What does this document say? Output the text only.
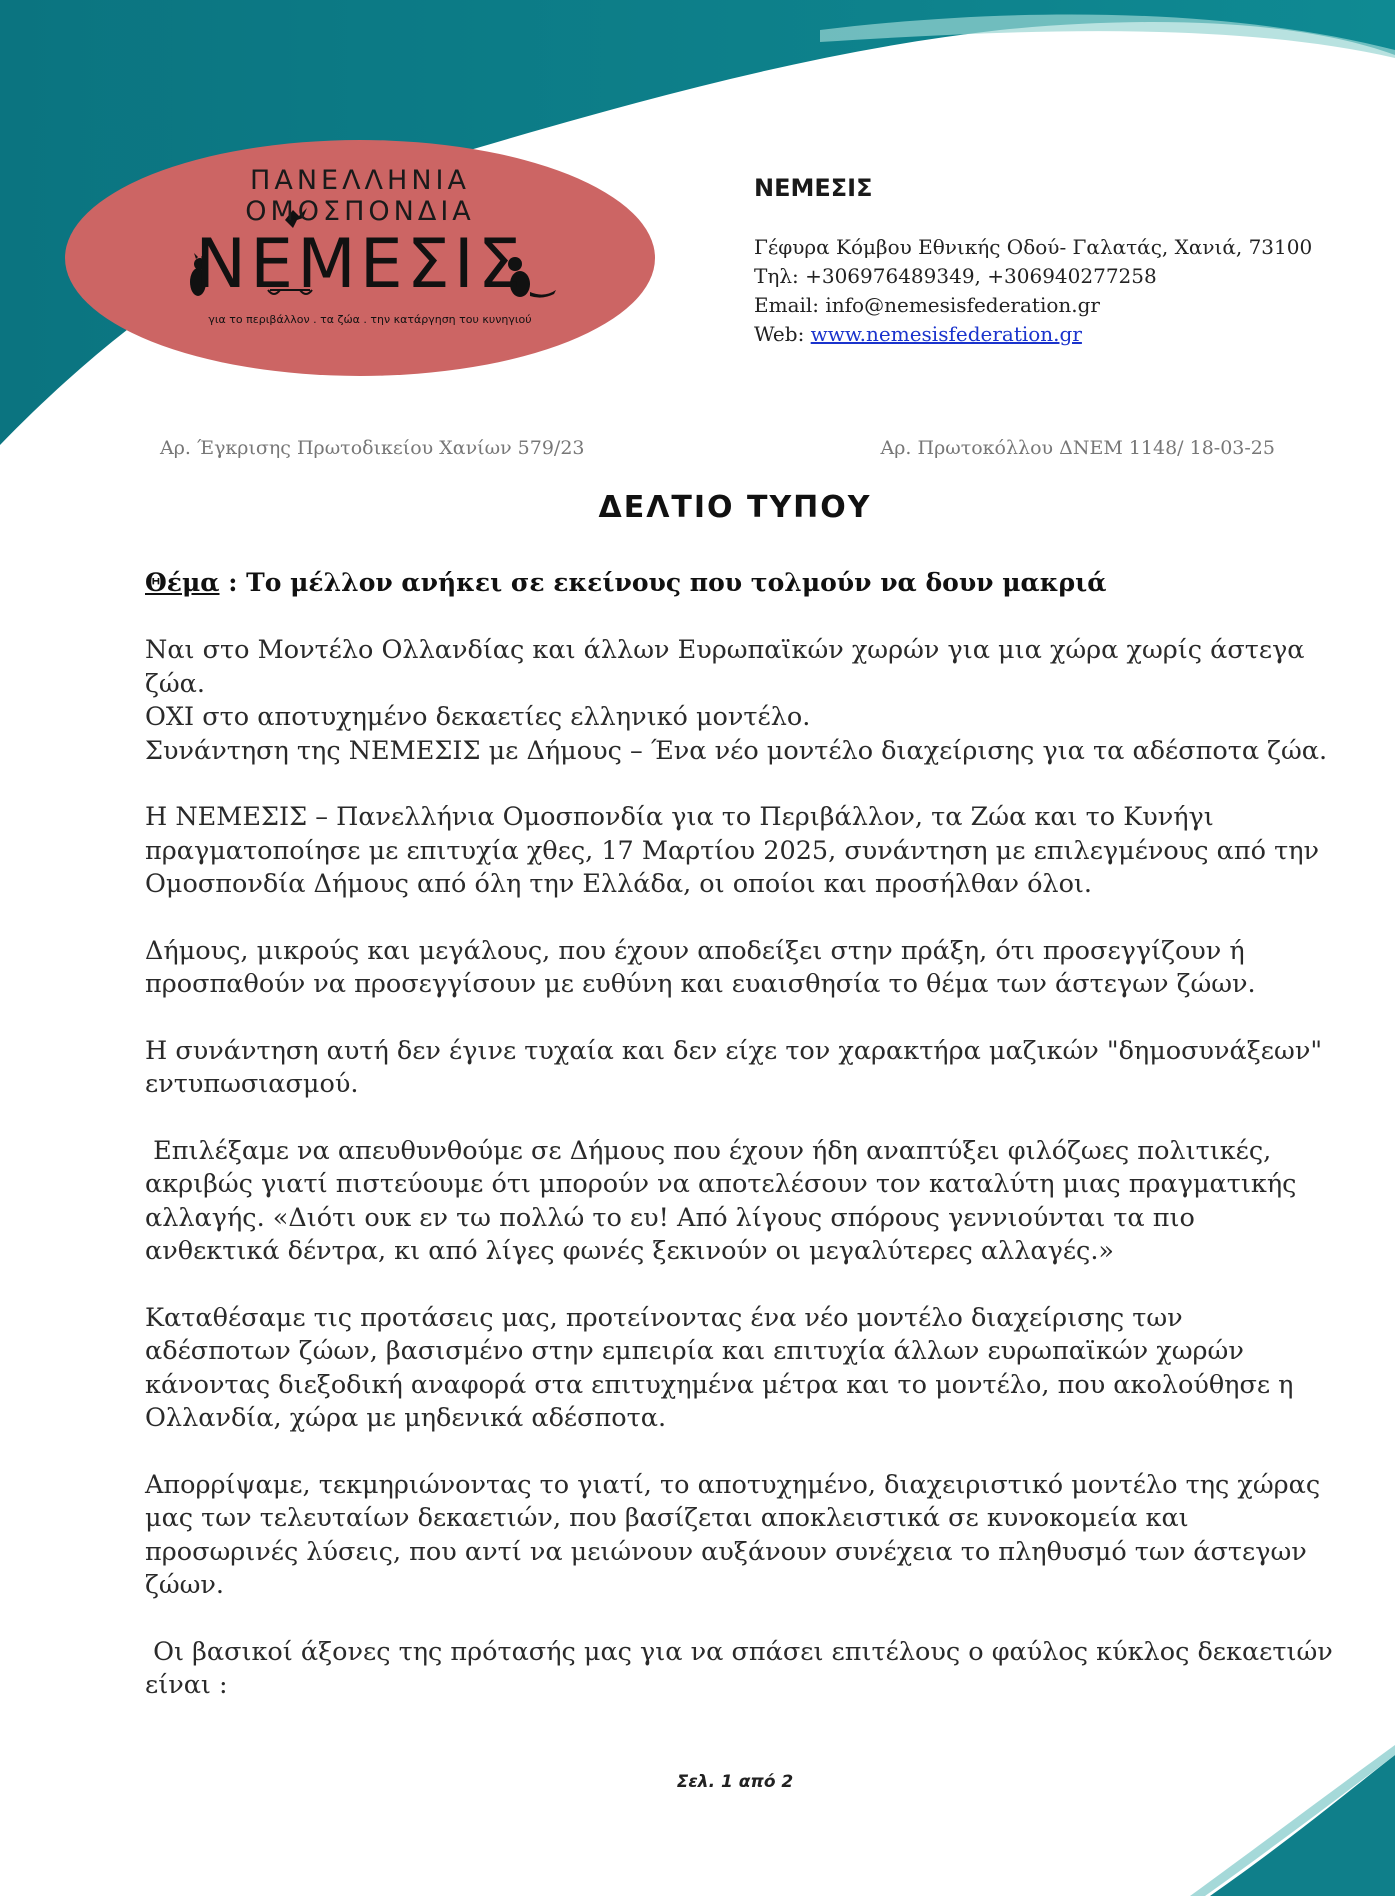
ΠΑΝΕΛΛΗΝΙΑ ΟΜΟΣΠΟΝΔΙΑ
ΝΕΜΕΣΙΣ
για το περιβάλλον . τα ζώα . την κατάργηση του κυνηγιού
ΝΕΜΕΣΙΣ
Γέφυρα Κόμβου Εθνικής Οδού- Γαλατάς, Χανιά, 73100
Τηλ: +306976489349, +306940277258
Email: info@nemesisfederation.gr
Web: www.nemesisfederation.gr
Αρ. Έγκρισης Πρωτοδικείου Χανίων 579/23	Αρ. Πρωτοκόλλου ΔΝΕΜ 1148/ 18-03-25
ΔΕΛΤΙΟ ΤΥΠΟΥ
Θέμα : Το μέλλον ανήκει σε εκείνους που τολμούν να δουν μακριά

Ναι στο Μοντέλο Ολλανδίας και άλλων Ευρωπαϊκών χωρών για μια χώρα χωρίς άστεγα ζώα.
ΟΧΙ στο αποτυχημένο δεκαετίες ελληνικό μοντέλο.
Συνάντηση της ΝΕΜΕΣΙΣ με Δήμους – Ένα νέο μοντέλο διαχείρισης για τα αδέσποτα ζώα.

Η ΝΕΜΕΣΙΣ – Πανελλήνια Ομοσπονδία για το Περιβάλλον, τα Ζώα και το Κυνήγι πραγματοποίησε με επιτυχία χθες, 17 Μαρτίου 2025, συνάντηση με επιλεγμένους από την Ομοσπονδία Δήμους από όλη την Ελλάδα, οι οποίοι και προσήλθαν όλοι.

Δήμους, μικρούς και μεγάλους, που έχουν αποδείξει στην πράξη, ότι προσεγγίζουν ή προσπαθούν να προσεγγίσουν με ευθύνη και ευαισθησία το θέμα των άστεγων ζώων.

Η συνάντηση αυτή δεν έγινε τυχαία και δεν είχε τον χαρακτήρα μαζικών "δημοσυνάξεων" εντυπωσιασμού.

Επιλέξαμε να απευθυνθούμε σε Δήμους που έχουν ήδη αναπτύξει φιλόζωες πολιτικές, ακριβώς γιατί πιστεύουμε ότι μπορούν να αποτελέσουν τον καταλύτη μιας πραγματικής αλλαγής. «Διότι ουκ εν τω πολλώ το ευ! Από λίγους σπόρους γεννιούνται τα πιο ανθεκτικά δέντρα, κι από λίγες φωνές ξεκινούν οι μεγαλύτερες αλλαγές.»

Καταθέσαμε τις προτάσεις μας, προτείνοντας ένα νέο μοντέλο διαχείρισης των αδέσποτων ζώων, βασισμένο στην εμπειρία και επιτυχία άλλων ευρωπαϊκών χωρών κάνοντας διεξοδική αναφορά στα επιτυχημένα μέτρα και το μοντέλο, που ακολούθησε η Ολλανδία, χώρα με μηδενικά αδέσποτα.

Απορρίψαμε, τεκμηριώνοντας το γιατί, το αποτυχημένο, διαχειριστικό μοντέλο της χώρας μας των τελευταίων δεκαετιών, που βασίζεται αποκλειστικά σε κυνοκομεία και προσωρινές λύσεις, που αντί να μειώνουν αυξάνουν συνέχεια το πληθυσμό των άστεγων ζώων.

Οι βασικοί άξονες της πρότασής μας για να σπάσει επιτέλους ο φαύλος κύκλος δεκαετιών είναι :

Σελ. 1 από 2
